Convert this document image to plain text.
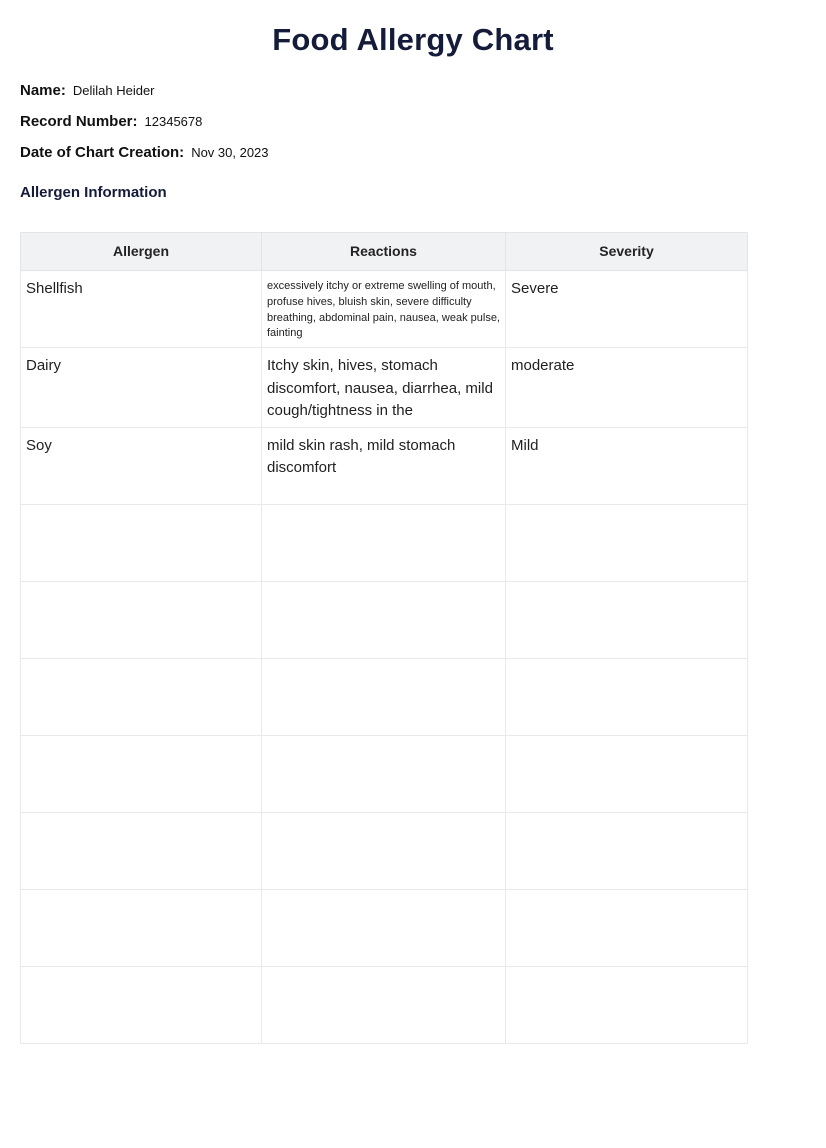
Food Allergy Chart
Name: Delilah Heider
Record Number: 12345678
Date of Chart Creation: Nov 30, 2023
Allergen Information
Allergen	Reactions	Severity
Shellfish	excessively itchy or extreme swelling of mouth, profuse hives, bluish skin, severe difficulty breathing, abdominal pain, nausea, weak pulse, fainting	Severe
Dairy	Itchy skin, hives, stomach discomfort, nausea, diarrhea, mild cough/tightness in the	moderate
Soy	mild skin rash, mild stomach discomfort	Mild
